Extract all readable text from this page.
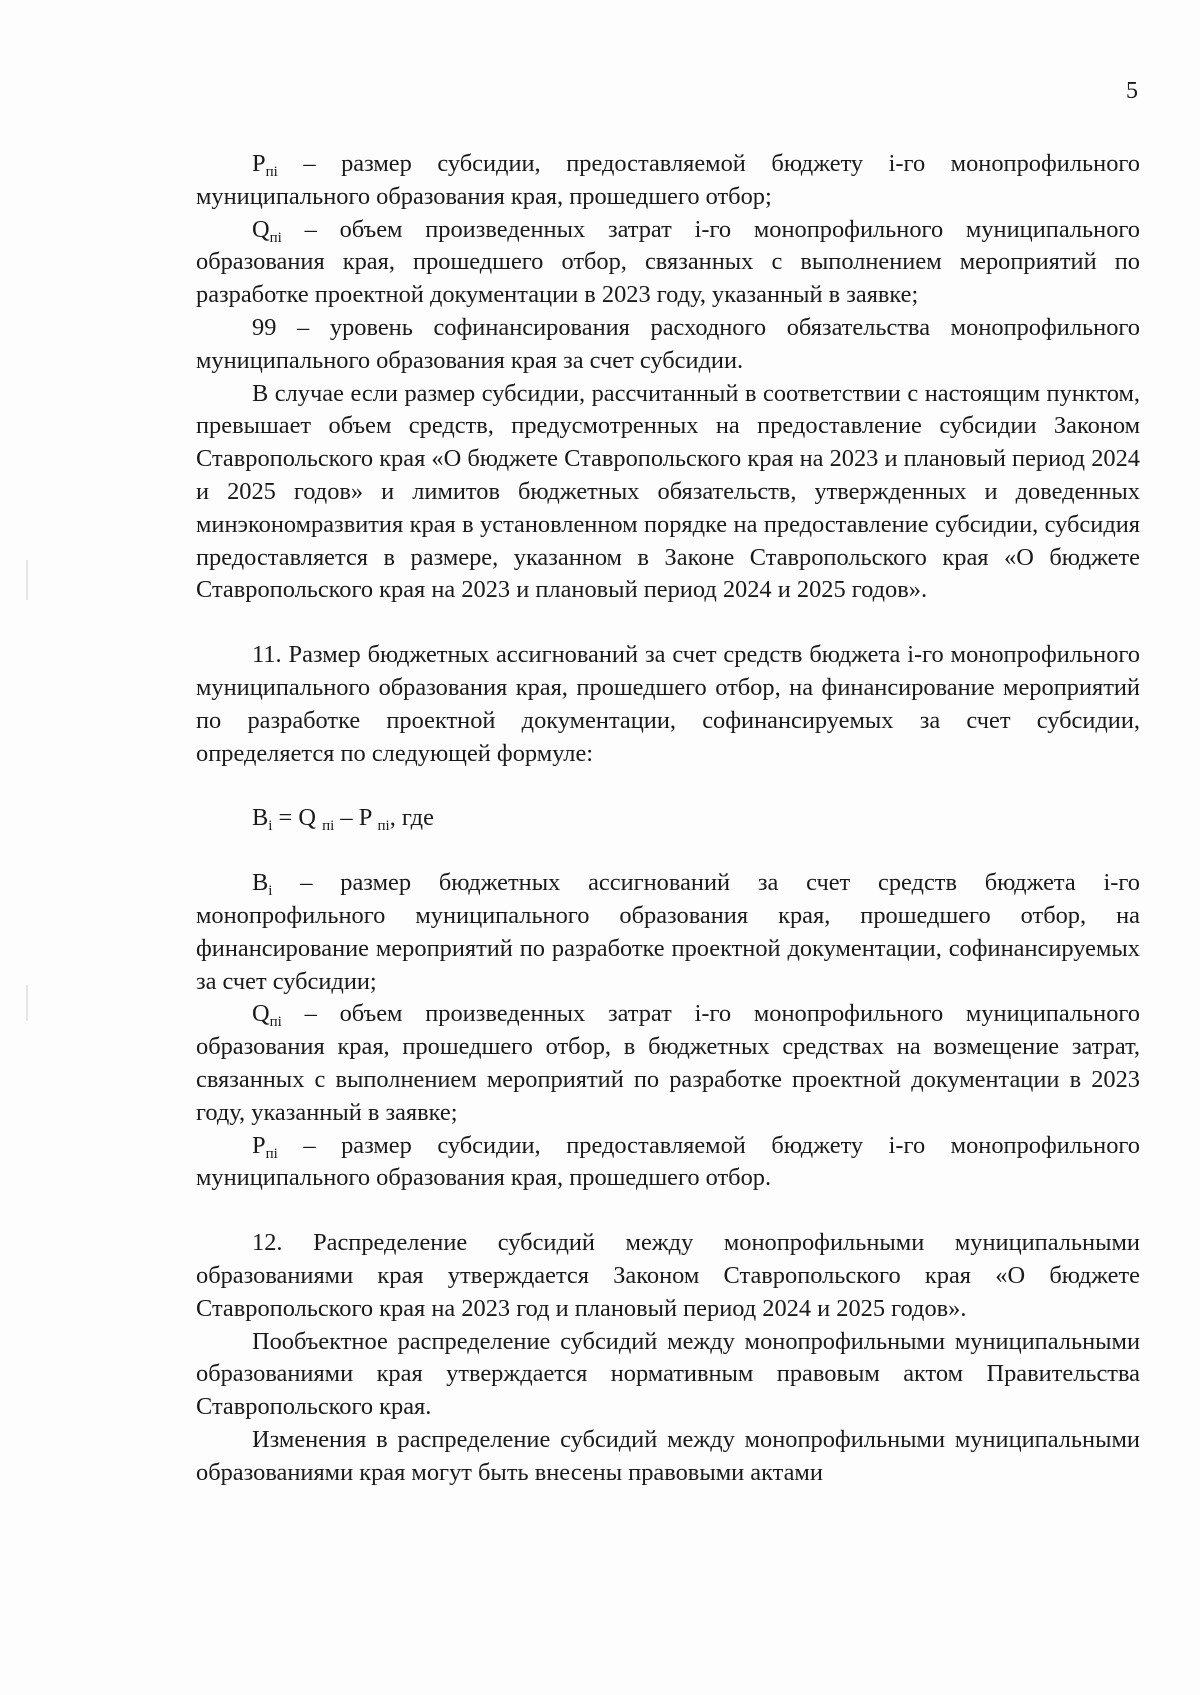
5

$P_{пi}$ – размер субсидии, предоставляемой бюджету i-го монопрофильного муниципального образования края, прошедшего отбор;

$Q_{пi}$ – объем произведенных затрат i-го монопрофильного муниципального образования края, прошедшего отбор, связанных с выполнением мероприятий по разработке проектной документации в 2023 году, указанный в заявке;

99 – уровень софинансирования расходного обязательства монопрофильного муниципального образования края за счет субсидии.

В случае если размер субсидии, рассчитанный в соответствии с настоящим пунктом, превышает объем средств, предусмотренных на предоставление субсидии Законом Ставропольского края «О бюджете Ставропольского края на 2023 и плановый период 2024 и 2025 годов» и лимитов бюджетных обязательств, утвержденных и доведенных минэкономразвития края в установленном порядке на предоставление субсидии, субсидия предоставляется в размере, указанном в Законе Ставропольского края «О бюджете Ставропольского края на 2023 и плановый период 2024 и 2025 годов».

11. Размер бюджетных ассигнований за счет средств бюджета i-го монопрофильного муниципального образования края, прошедшего отбор, на финансирование мероприятий по разработке проектной документации, софинансируемых за счет субсидии, определяется по следующей формуле:

$B_i = Q$ $_{пi}$ – P $_{пi}$, где

$B_i$ – размер бюджетных ассигнований за счет средств бюджета i-го монопрофильного муниципального образования края, прошедшего отбор, на финансирование мероприятий по разработке проектной документации, софинансируемых за счет субсидии;

$Q_{пi}$ – объем произведенных затрат i-го монопрофильного муниципального образования края, прошедшего отбор, в бюджетных средствах на возмещение затрат, связанных с выполнением мероприятий по разработке проектной документации в 2023 году, указанный в заявке;

$P_{пi}$ – размер субсидии, предоставляемой бюджету i-го монопрофильного муниципального образования края, прошедшего отбор.

12. Распределение субсидий между монопрофильными муниципальными образованиями края утверждается Законом Ставропольского края «О бюджете Ставропольского края на 2023 год и плановый период 2024 и 2025 годов».

Пообъектное распределение субсидий между монопрофильными муниципальными образованиями края утверждается нормативным правовым актом Правительства Ставропольского края.

Изменения в распределение субсидий между монопрофильными муниципальными образованиями края могут быть внесены правовыми актами
